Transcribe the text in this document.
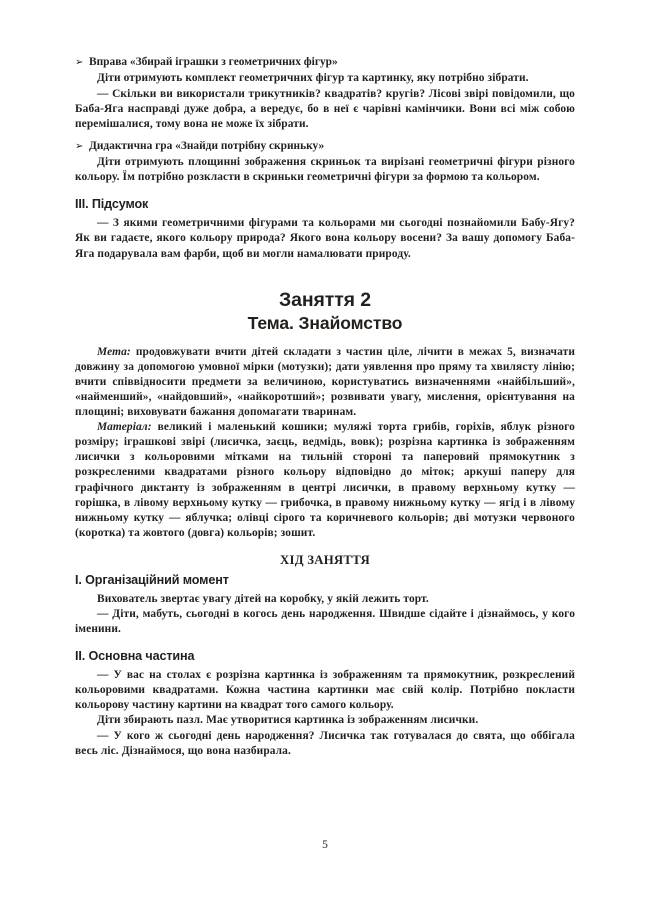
➢ Вправа «Збирай іграшки з геометричних фігур»

Діти отримують комплект геометричних фігур та картинку, яку потрібно зібрати.

— Скільки ви використали трикутників? квадратів? кругів? Лісові звірі повідомили, що Баба-Яга насправді дуже добра, а вередує, бо в неї є чарівні камінчики. Вони всі між собою перемішалися, тому вона не може їх зібрати.

➢ Дидактична гра «Знайди потрібну скриньку»

Діти отримують площинні зображення скриньок та вирізані геометричні фігури різного кольору. Їм потрібно розкласти в скриньки геометричні фігури за формою та кольором.

III. Підсумок

— З якими геометричними фігурами та кольорами ми сьогодні познайомили Бабу-Ягу? Як ви гадаєте, якого кольору природа? Якого вона кольору восени? За вашу допомогу Баба-Яга подарувала вам фарби, щоб ви могли намалювати природу.

Заняття 2
Тема. Знайомство

Мета: продовжувати вчити дітей складати з частин ціле, лічити в межах 5, визначати довжину за допомогою умовної мірки (мотузки); дати уявлення про пряму та хвилясту лінію; вчити співвідносити предмети за величиною, користуватись визначеннями «найбільший», «найменший», «найдовший», «найкоротший»; розвивати увагу, мислення, орієнтування на площині; виховувати бажання допомагати тваринам.

Матеріал: великий і маленький кошики; муляжі торта грибів, горіхів, яблук різного розміру; іграшкові звірі (лисичка, заєць, ведмідь, вовк); розрізна картинка із зображенням лисички з кольоровими мітками на тильній стороні та паперовий прямокутник з розкресленими квадратами різного кольору відповідно до міток; аркуші паперу для графічного диктанту із зображенням в центрі лисички, в правому верхньому кутку — горішка, в лівому верхньому кутку — грибочка, в правому нижньому кутку — ягід і в лівому нижньому кутку — яблучка; олівці сірого та коричневого кольорів; дві мотузки червоного (коротка) та жовтого (довга) кольорів; зошит.

ХІД ЗАНЯТТЯ

I. Організаційний момент

Вихователь звертає увагу дітей на коробку, у якій лежить торт.

— Діти, мабуть, сьогодні в когось день народження. Швидше сідайте і дізнаймось, у кого іменини.

II. Основна частина

— У вас на столах є розрізна картинка із зображенням та прямокутник, розкреслений кольоровими квадратами. Кожна частина картинки має свій колір. Потрібно покласти кольорову частину картини на квадрат того самого кольору.

Діти збирають пазл. Має утворитися картинка із зображенням лисички.

— У кого ж сьогодні день народження? Лисичка так готувалася до свята, що оббігала весь ліс. Дізнаймося, що вона назбирала.

5
